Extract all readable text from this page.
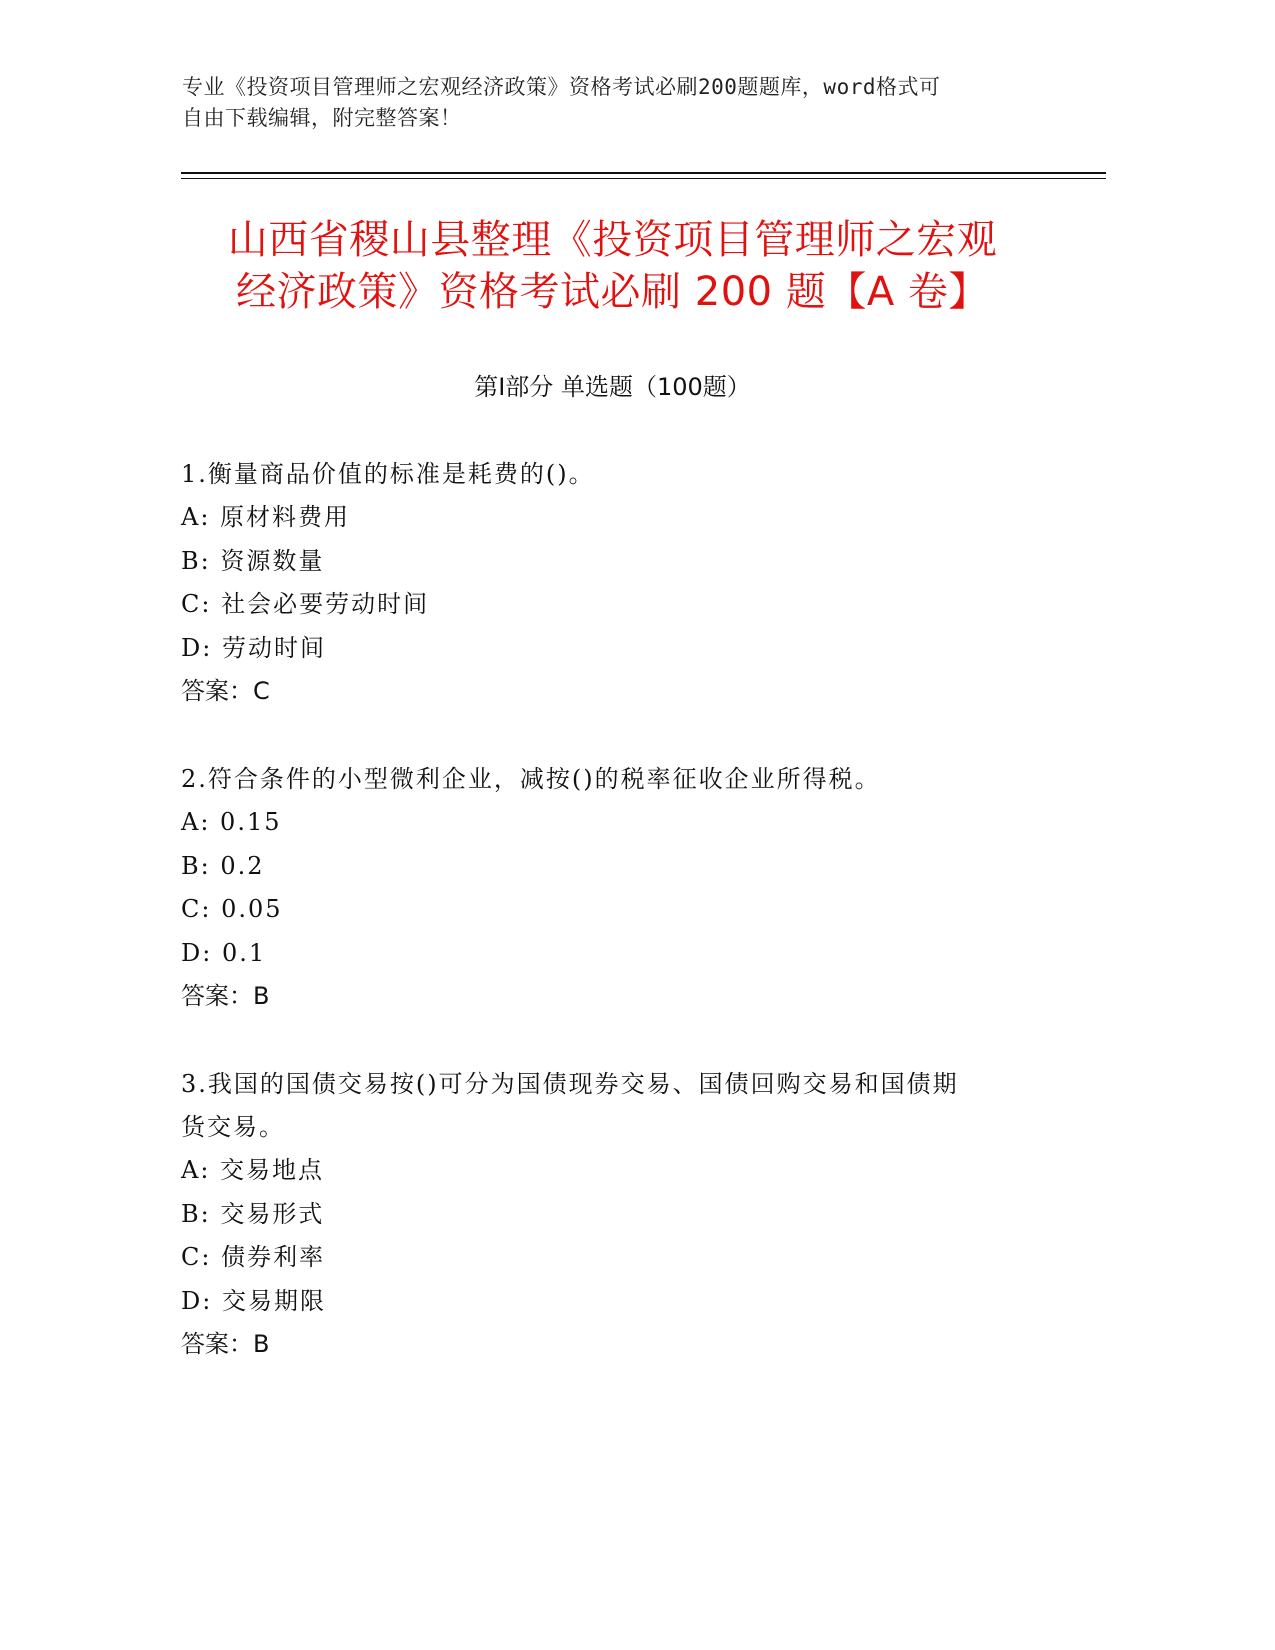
专业《投资项目管理师之宏观经济政策》资格考试必刷200题题库，word格式可
自由下载编辑，附完整答案！
山西省稷山县整理《投资项目管理师之宏观
经济政策》资格考试必刷 200 题【A 卷】
第Ⅰ部分 单选题（100题）
1.衡量商品价值的标准是耗费的()。
A: 原材料费用
B: 资源数量
C: 社会必要劳动时间
D: 劳动时间
答案：C
2.符合条件的小型微利企业，减按()的税率征收企业所得税。
A: 0.15
B: 0.2
C: 0.05
D: 0.1
答案：B
3.我国的国债交易按()可分为国债现券交易、国债回购交易和国债期
货交易。
A: 交易地点
B: 交易形式
C: 债券利率
D: 交易期限
答案：B
